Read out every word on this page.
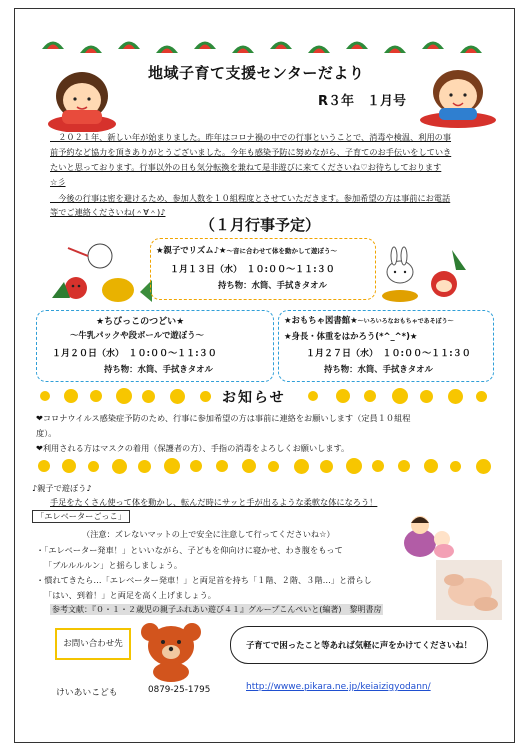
地域子育て支援センターだより
R３年　１月号
　２０２１年、新しい年が始まりました。昨年はコロナ禍の中での行事ということで、消毒や検温、利用の事
前予約など協力を頂きありがとうございました。今年も感染予防に努めながら、子育てのお手伝いをしていき
たいと思っております。行事以外の日も気分転換を兼ねて是非遊びに来てくださいね♡お待ちしております
☆彡
　今後の行事は密を避けるため、参加人数を１０組程度とさせていただきます。参加希望の方は事前にお電話
等でご連絡くださいね(＾∀＾)♪
（１月行事予定）
★親子でリズム♪★～音に合わせて体を動かして遊ぼう～
１月１３日（水）　１０:００～１１:３０
持ち物：水筒、手拭きタオル
★ちびっこのつどい★
～牛乳パックや段ボールで遊ぼう～
１月２０日（水）　１０:００～１１:３０
持ち物：水筒、手拭きタオル
★おもちゃ図書館★～いろいろなおもちゃであそぼう～
★身長・体重をはかろう(*^_^*)★
１月２７日（水）　１０:００～１１:３０
持ち物：水筒、手拭きタオル
お知らせ
❤コロナウイルス感染症予防のため、行事に参加希望の方は事前に連絡をお願いします（定員１０組程
度）。
❤利用される方はマスクの着用（保護者の方）、手指の消毒をよろしくお願いします。
♪親子で遊ぼう♪
手足をたくさん使って体を動かし、転んだ時にサッと手が出るような柔軟な体になろう！
「エレベーターごっこ」
（注意：ズレないマットの上で安全に注意して行ってくださいね☆）
・「エレベーター発車！」といいながら、子どもを仰向けに寝かせ、わき腹をもって
「ブルルルルン」と揺らしましょう。
・慣れてきたら…「エレベーター発車！」と両足首を持ち「１階、２階、３階…」と滑らし
「はい、到着！」と両足を高く上げましょう。
参考文献：『０・１・２歳児の親子ふれあい遊び４１』グループこんぺいと(編著)　黎明書房
お問い合わせ先	子育てで困ったこと等あれば気軽に声をかけてくださいね！
けいあいこども	0879-25-1795	http://wwwe.pikara.ne.jp/keiaizigyodann/
